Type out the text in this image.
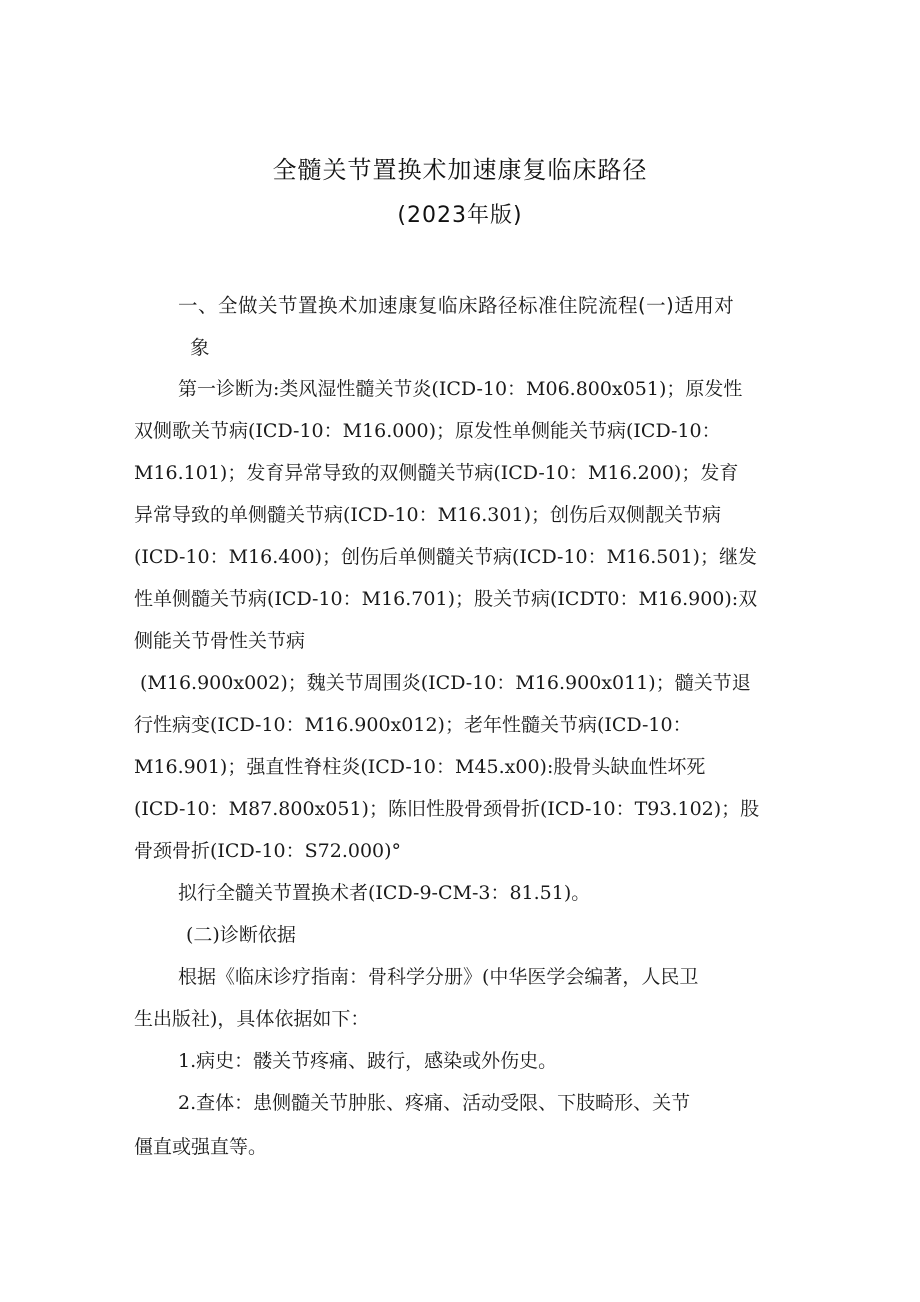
全髓关节置换术加速康复临床路径
(2023年版)
一、全做关节置换术加速康复临床路径标准住院流程(一)适用对
象
第一诊断为:类风湿性髓关节炎(ICD-10：M06.800x051)；原发性
双侧歌关节病(ICD-10：M16.000)；原发性单侧能关节病(ICD-10：
M16.101)；发育异常导致的双侧髓关节病(ICD-10：M16.200)；发育
异常导致的单侧髓关节病(ICD-10：M16.301)；创伤后双侧靓关节病
(ICD-10：M16.400)；创伤后单侧髓关节病(ICD-10：M16.501)；继发
性单侧髓关节病(ICD-10：M16.701)；股关节病(ICDT0：M16.900):双
侧能关节骨性关节病
(M16.900x002)；魏关节周围炎(ICD-10：M16.900x011)；髓关节退
行性病变(ICD-10：M16.900x012)；老年性髓关节病(ICD-10：
M16.901)；强直性脊柱炎(ICD-10：M45.x00):股骨头缺血性坏死
(ICD-10：M87.800x051)；陈旧性股骨颈骨折(ICD-10：T93.102)；股
骨颈骨折(ICD-10：S72.000)°
拟行全髓关节置换术者(ICD-9-CM-3：81.51)。
(二)诊断依据
根据《临床诊疗指南：骨科学分册》(中华医学会编著，人民卫
生出版社)，具体依据如下：
1.病史：髅关节疼痛、跛行，感染或外伤史。
2.查体：患侧髓关节肿胀、疼痛、活动受限、下肢畸形、关节
僵直或强直等。
